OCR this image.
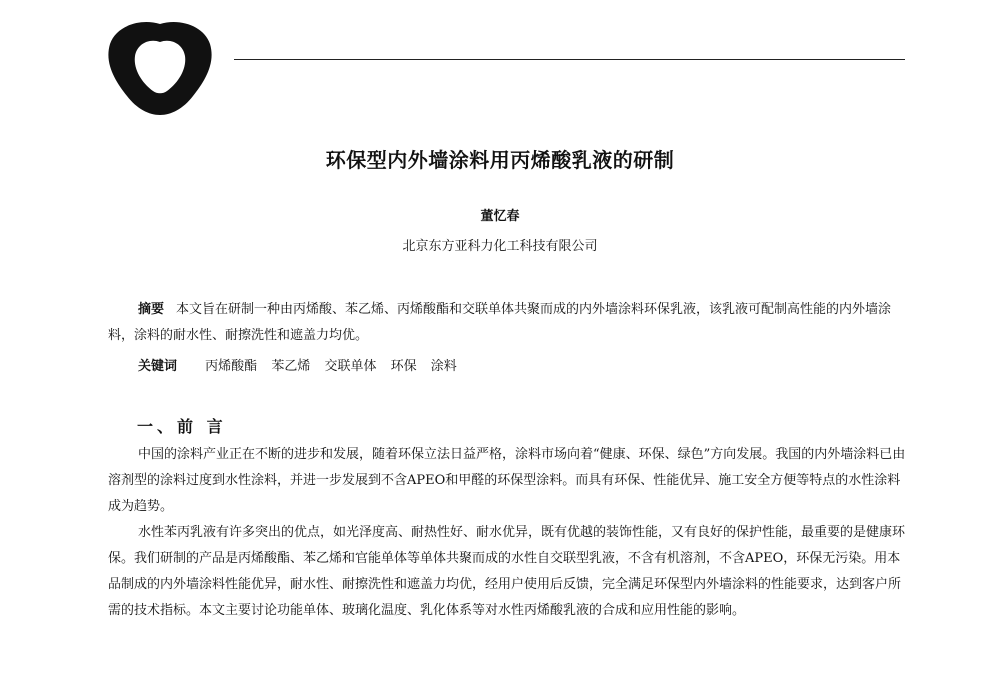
环保型内外墙涂料用丙烯酸乳液的研制
董忆春
北京东方亚科力化工科技有限公司
摘要 本文旨在研制一种由丙烯酸、苯乙烯、丙烯酸酯和交联单体共聚而成的内外墙涂料环保乳液，该乳液可配制高性能的内外墙涂料，涂料的耐水性、耐擦洗性和遮盖力均优。
关键词 丙烯酸酯 苯乙烯 交联单体 环保 涂料
一、前 言

中国的涂料产业正在不断的进步和发展，随着环保立法日益严格，涂料市场向着“健康、环保、绿色”方向发展。我国的内外墙涂料已由溶剂型的涂料过度到水性涂料，并进一步发展到不含APEO和甲醛的环保型涂料。而具有环保、性能优异、施工安全方便等特点的水性涂料成为趋势。

水性苯丙乳液有许多突出的优点，如光泽度高、耐热性好、耐水优异，既有优越的装饰性能，又有良好的保护性能，最重要的是健康环保。我们研制的产品是丙烯酸酯、苯乙烯和官能单体等单体共聚而成的水性自交联型乳液，不含有机溶剂，不含APEO，环保无污染。用本品制成的内外墙涂料性能优异，耐水性、耐擦洗性和遮盖力均优，经用户使用后反馈，完全满足环保型内外墙涂料的性能要求，达到客户所需的技术指标。本文主要讨论功能单体、玻璃化温度、乳化体系等对水性丙烯酸乳液的合成和应用性能的影响。
